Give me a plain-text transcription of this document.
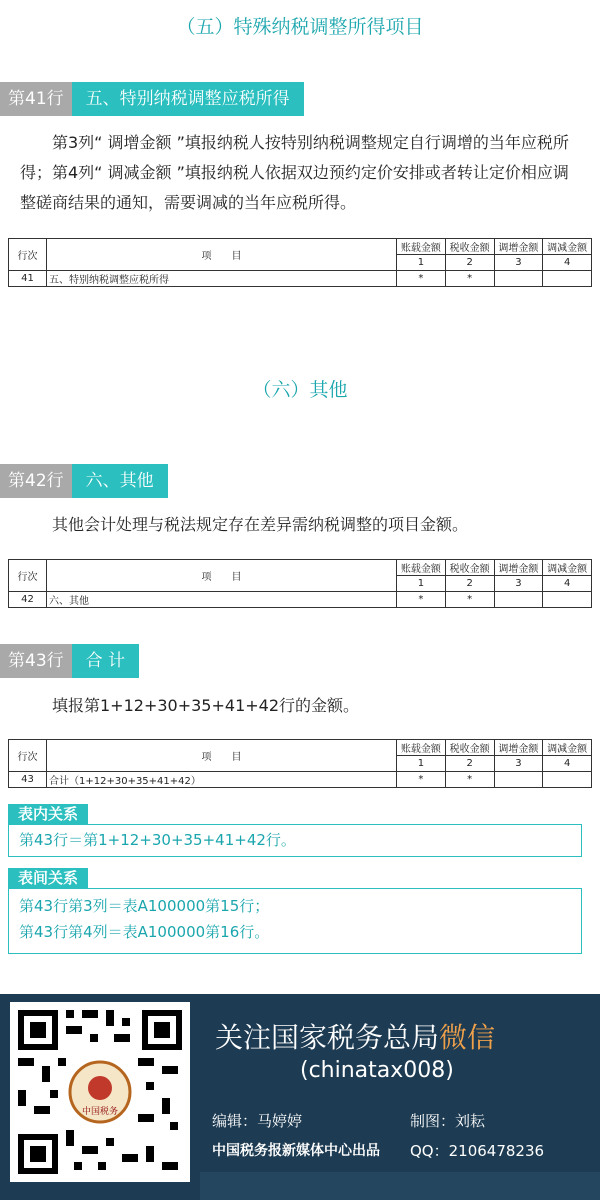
（五）特殊纳税调整所得项目
第41行	五、特别纳税调整应税所得
第3列“ 调增金额 ”填报纳税人按特别纳税调整规定自行调增的当年应税所得；第4列“ 调减金额 ”填报纳税人依据双边预约定价安排或者转让定价相应调整磋商结果的通知，需要调减的当年应税所得。
行次	项　　目	账载金额	税收金额	调增金额	调减金额
		1	2	3	4
41	五、特别纳税调整应税所得	*	*		
（六）其他
第42行	六、其他
其他会计处理与税法规定存在差异需纳税调整的项目金额。
行次	项　　目	账载金额	税收金额	调增金额	调减金额
		1	2	3	4
42	六、其他	*	*		
第43行	合 计
填报第1+12+30+35+41+42行的金额。
行次	项　　目	账载金额	税收金额	调增金额	调减金额
		1	2	3	4
43	合计（1+12+30+35+41+42）	*	*		
表内关系
第43行＝第1+12+30+35+41+42行。
表间关系
第43行第3列＝表A100000第15行；
第43行第4列＝表A100000第16行。
中国税务
关注国家税务总局微信
(chinatax008)
编辑：马婷婷	制图：刘耘
中国税务报新媒体中心出品 QQ：2106478236
